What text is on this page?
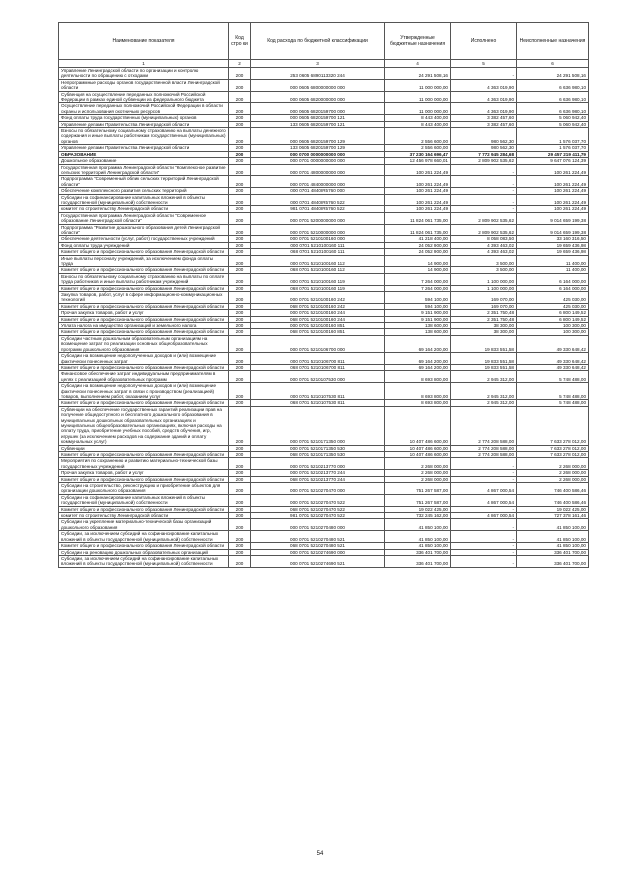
Наименование показателя	Код стро ки	Код расхода по бюджетной классификации	Утвержденные бюджетные назначения	Исполнено	Неисполненные назначения
1	2	3	4	5	6
Управление Ленинградской области по организации и контролю деятельности по обращению с отходами	200	253 0605 6890113320 244	24 291 508,16	-	24 291 508,16
Непрограммные расходы органов государственной власти Ленинградской области	200	000 0605 6800000000 000	11 000 000,00	4 363 019,90	6 636 980,10
Субвенция на осуществление переданных полномочий Российской Федерации в рамках единой субвенции из федерального бюджета	200	000 0605 6820000000 000	11 000 000,00	4 363 019,90	6 636 980,10
Осуществление переданных полномочий Российской Федерации в области охраны и использования охотничьих ресурсов	200	000 0605 6820159700 000	11 000 000,00	4 363 019,90	6 636 980,10
Фонд оплаты труда государственных (муниципальных) органов	200	000 0605 6820159700 121	8 443 400,00	3 382 457,60	5 060 942,40
Управление делами Правительства Ленинградской области	200	133 0605 6820159700 121	8 443 400,00	3 382 457,60	5 060 942,40
Взносы по обязательному социальному страхованию на выплаты денежного содержания и иные выплаты работникам государственных (муниципальных) органов	200	000 0605 6820159700 129	2 556 600,00	980 562,30	1 576 037,70
Управление делами Правительства Ленинградской области	200	133 0605 6820159700 129	2 556 600,00	980 562,30	1 576 037,70
ОБРАЗОВАНИЕ	200	000 0700 0000000000 000	37 230 164 696,47	7 772 945 284,68	29 457 219 411,79
Дошкольное образование	200	000 0701 0000000000 000	12 456 978 660,01	2 809 902 535,62	9 647 076 124,39
Государственная программа Ленинградской области "Комплексное развитие сельских территорий Ленинградской области"	200	000 0701 4800000000 000	100 261 224,49	-	100 261 224,49
Подпрограмма "Современный облик сельских территорий Ленинградской области"	200	000 0701 4840000000 000	100 261 224,49	-	100 261 224,49
Обеспечение комплексного развития сельских территорий	200	000 0701 4840IR5760 000	100 261 224,49	-	100 261 224,49
Субсидии на софинансирование капитальных вложений в объекты государственной (муниципальной) собственности	200	000 0701 4840IR5760 522	100 261 224,49	-	100 261 224,49
комитет по строительству Ленинградской области	200	981 0701 4840IR5760 522	100 261 224,49	-	100 261 224,49
Государственная программа Ленинградской области "Современное образование Ленинградской области"	200	000 0701 5200000000 000	11 824 061 735,00	2 809 902 535,62	9 014 659 199,38
Подпрограмма "Развитие дошкольного образования детей Ленинградской области"	200	000 0701 5210000000 000	11 824 061 735,00	2 809 902 535,62	9 014 659 199,38
Обеспечение деятельности (услуг, работ) государственных учреждений	200	000 0701 5210100160 000	41 218 400,00	8 058 083,50	33 160 316,50
Фонд оплаты труда учреждений	200	000 0701 5210100160 111	24 052 900,00	4 393 463,02	19 659 436,98
Комитет общего и профессионального образования Ленинградской области	200	068 0701 5210100160 111	24 052 900,00	4 393 463,02	19 659 436,98
Иные выплаты персоналу учреждений, за исключением фонда оплаты труда	200	000 0701 5210100160 112	14 900,00	3 500,00	11 400,00
Комитет общего и профессионального образования Ленинградской области	200	068 0701 5210100160 112	14 900,00	3 500,00	11 400,00
Взносы по обязательному социальному страхованию на выплаты по оплате труда работников и иные выплаты работникам учреждений	200	000 0701 5210100160 119	7 264 000,00	1 100 000,00	6 164 000,00
Комитет общего и профессионального образования Ленинградской области	200	068 0701 5210100160 119	7 264 000,00	1 100 000,00	6 164 000,00
Закупка товаров, работ, услуг в сфере информационно-коммуникационных технологий	200	000 0701 5210100160 242	594 100,00	169 070,00	425 030,00
Комитет общего и профессионального образования Ленинградской области	200	068 0701 5210100160 242	594 100,00	169 070,00	425 030,00
Прочая закупка товаров, работ и услуг	200	000 0701 5210100160 244	9 151 900,00	2 351 750,48	6 800 149,52
Комитет общего и профессионального образования Ленинградской области	200	068 0701 5210100160 244	9 151 900,00	2 351 750,48	6 800 149,52
Уплата налога на имущество организаций и земельного налога	200	000 0701 5210100160 851	138 600,00	38 300,00	100 300,00
Комитет общего и профессионального образования Ленинградской области	200	068 0701 5210100160 851	138 600,00	38 300,00	100 300,00
Субсидии частным дошкольным образовательным организациям на возмещение затрат по реализации основных общеобразовательных программ дошкольного образования	200	000 0701 5210106700 000	69 164 200,00	19 833 551,58	49 330 648,42
Субсидии на возмещение недополученных доходов и (или) возмещение фактически понесенных затрат	200	000 0701 5210106700 811	69 164 200,00	19 833 551,58	49 330 648,42
Комитет общего и профессионального образования Ленинградской области	200	068 0701 5210106700 811	69 164 200,00	19 833 551,58	49 330 648,42
Финансовое обеспечение затрат индивидуальным предпринимателям в целях с реализацией образовательных программ	200	000 0701 5210107530 000	8 693 800,00	2 945 312,00	5 748 488,00
Субсидии на возмещение недополученных доходов и (или) возмещение фактически понесенных затрат в связи с производством (реализацией) товаров, выполнением работ, оказанием услуг	200	000 0701 5210107530 811	8 693 800,00	2 945 312,00	5 748 488,00
Комитет общего и профессионального образования Ленинградской области	200	068 0701 5210107530 811	8 693 800,00	2 945 312,00	5 748 488,00
Субвенции на обеспечение государственных гарантий реализации прав на получение общедоступного и бесплатного дошкольного образования в муниципальных дошкольных образовательных организациях и муниципальных общеобразовательных организациях, включая расходы на оплату труда, приобретение учебных пособий, средств обучения, игр, игрушек (за исключением расходов на содержание зданий и оплату коммунальных услуг)	200	000 0701 5210171350 000	10 407 486 600,00	2 774 208 588,00	7 633 278 012,00
Субвенции	200	000 0701 5210171350 530	10 407 486 600,00	2 774 208 588,00	7 633 278 012,00
Комитет общего и профессионального образования Ленинградской области	200	068 0701 5210171350 530	10 407 486 600,00	2 774 208 588,00	7 633 278 012,00
Мероприятия по сохранению и развитию материально-технической базы государственных учреждений	200	000 0701 5210213770 000	2 268 000,00	-	2 268 000,00
Прочая закупка товаров, работ и услуг	200	000 0701 5210213770 244	2 268 000,00	-	2 268 000,00
Комитет общего и профессионального образования Ленинградской области	200	068 0701 5210213770 244	2 268 000,00	-	2 268 000,00
Субсидии на строительство, реконструкцию и приобретение объектов для организации дошкольного образования	200	000 0701 5210270470 000	751 267 587,00	4 867 000,54	746 400 586,46
Субсидии на софинансирование капитальных вложений в объекты государственной (муниципальной) собственности	200	000 0701 5210270470 522	751 267 587,00	4 867 000,54	746 400 586,46
Комитет общего и профессионального образования Ленинградской области	200	068 0701 5210270470 522	19 022 425,00	-	19 022 425,00
комитет по строительству Ленинградской области	200	981 0701 5210270470 522	732 245 162,00	4 867 000,54	727 378 161,46
Субсидии на укрепление материально-технической базы организаций дошкольного образования	200	000 0701 5210270480 000	41 850 100,00	-	41 850 100,00
Субсидии, за исключением субсидий на софинансирование капитальных вложений в объекты государственной (муниципальной) собственности	200	000 0701 5210270480 521	41 850 100,00	-	41 850 100,00
Комитет общего и профессионального образования Ленинградской области	200	068 0701 5210270480 521	41 850 100,00	-	41 850 100,00
Субсидии на реновацию дошкольных образовательных организаций	200	000 0701 5210274690 000	336 401 700,00	-	336 401 700,00
Субсидии, за исключением субсидий на софинансирование капитальных вложений в объекты государственной (муниципальной) собственности	200	000 0701 5210274690 521	336 401 700,00	-	336 401 700,00
54
